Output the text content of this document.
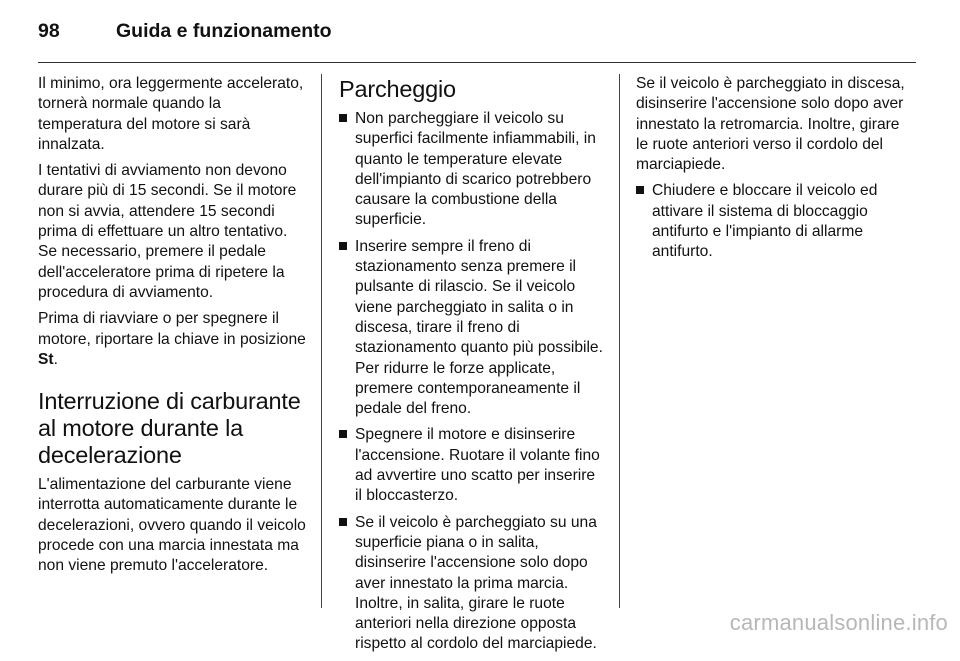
98	Guida e funzionamento

Il minimo, ora leggermente accelerato, tornerà normale quando la temperatura del motore si sarà innalzata.

I tentativi di avviamento non devono durare più di 15 secondi. Se il motore non si avvia, attendere 15 secondi prima di effettuare un altro tentativo. Se necessario, premere il pedale dell'acceleratore prima di ripetere la procedura di avviamento.

Prima di riavviare o per spegnere il motore, riportare la chiave in posizione St.

Interruzione di carburante al motore durante la decelerazione

L'alimentazione del carburante viene interrotta automaticamente durante le decelerazioni, ovvero quando il veicolo procede con una marcia innestata ma non viene premuto l'acceleratore.

Parcheggio
Non parcheggiare il veicolo su superfici facilmente infiammabili, in quanto le temperature elevate dell'impianto di scarico potrebbero causare la combustione della superficie.
Inserire sempre il freno di stazionamento senza premere il pulsante di rilascio. Se il veicolo viene parcheggiato in salita o in discesa, tirare il freno di stazionamento quanto più possibile. Per ridurre le forze applicate, premere contemporaneamente il pedale del freno.
Spegnere il motore e disinserire l'accensione. Ruotare il volante fino ad avvertire uno scatto per inserire il bloccasterzo.
Se il veicolo è parcheggiato su una superficie piana o in salita, disinserire l'accensione solo dopo aver innestato la prima marcia. Inoltre, in salita, girare le ruote anteriori nella direzione opposta rispetto al cordolo del marciapiede.

Se il veicolo è parcheggiato in discesa, disinserire l'accensione solo dopo aver innestato la retromarcia. Inoltre, girare le ruote anteriori verso il cordolo del marciapiede.

Chiudere e bloccare il veicolo ed attivare il sistema di bloccaggio antifurto e l'impianto di allarme antifurto.
carmanualsonline.info
